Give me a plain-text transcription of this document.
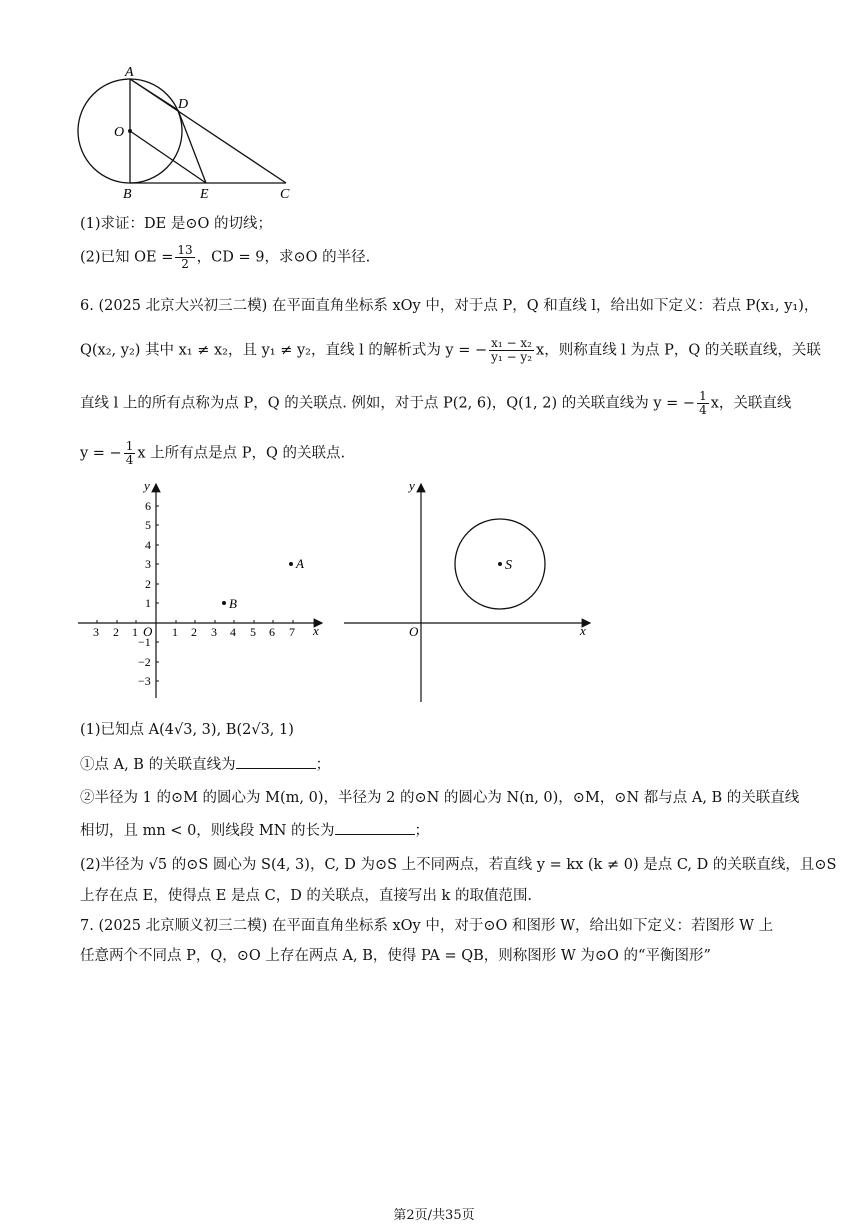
A
D
O
B	E	C
(1)求证：DE 是⊙O 的切线；
(2)已知 OE = $\frac{13}{2}$ ，CD = 9，求⊙O 的半径.
6. (2025 北京大兴初三二模) 在平面直角坐标系 xOy 中，对于点 P，Q 和直线 l，给出如下定义：若点 P(x₁, y₁)，
Q(x₂, y₂) 其中 x₁ ≠ x₂，且 y₁ ≠ y₂，直线 l 的解析式为 y = − $\frac{\text{x₁ − x₂}}{\text{y₁ − y₂}}$ x，则称直线 l 为点 P，Q 的关联直线，关联
直线 l 上的所有点称为点 P，Q 的关联点. 例如，对于点 P(2, 6)，Q(1, 2) 的关联直线为 y = − $\frac{1}{4}$ x，关联直线
y = − $\frac{1}{4}$ x 上所有点是点 P，Q 的关联点.
3 2 1	1 2 3 4 5 6 7
6
5
4
3
2
1
−1
−2
−3
O	x
y
A
B
S
O	x
y
(1)已知点 A(4√3, 3), B(2√3, 1)
①点 A, B 的关联直线为	；
②半径为 1 的⊙M 的圆心为 M(m, 0)，半径为 2 的⊙N 的圆心为 N(n, 0)，⊙M，⊙N 都与点 A, B 的关联直线
相切，且 mn < 0，则线段 MN 的长为	；
(2)半径为 √5 的⊙S 圆心为 S(4, 3)，C, D 为⊙S 上不同两点，若直线 y = kx (k ≠ 0) 是点 C, D 的关联直线，且⊙S
上存在点 E，使得点 E 是点 C，D 的关联点，直接写出 k 的取值范围.
7. (2025 北京顺义初三二模) 在平面直角坐标系 xOy 中，对于⊙O 和图形 W，给出如下定义：若图形 W 上
任意两个不同点 P，Q，⊙O 上存在两点 A, B，使得 PA = QB，则称图形 W 为⊙O 的“平衡图形”
第2页/共35页
